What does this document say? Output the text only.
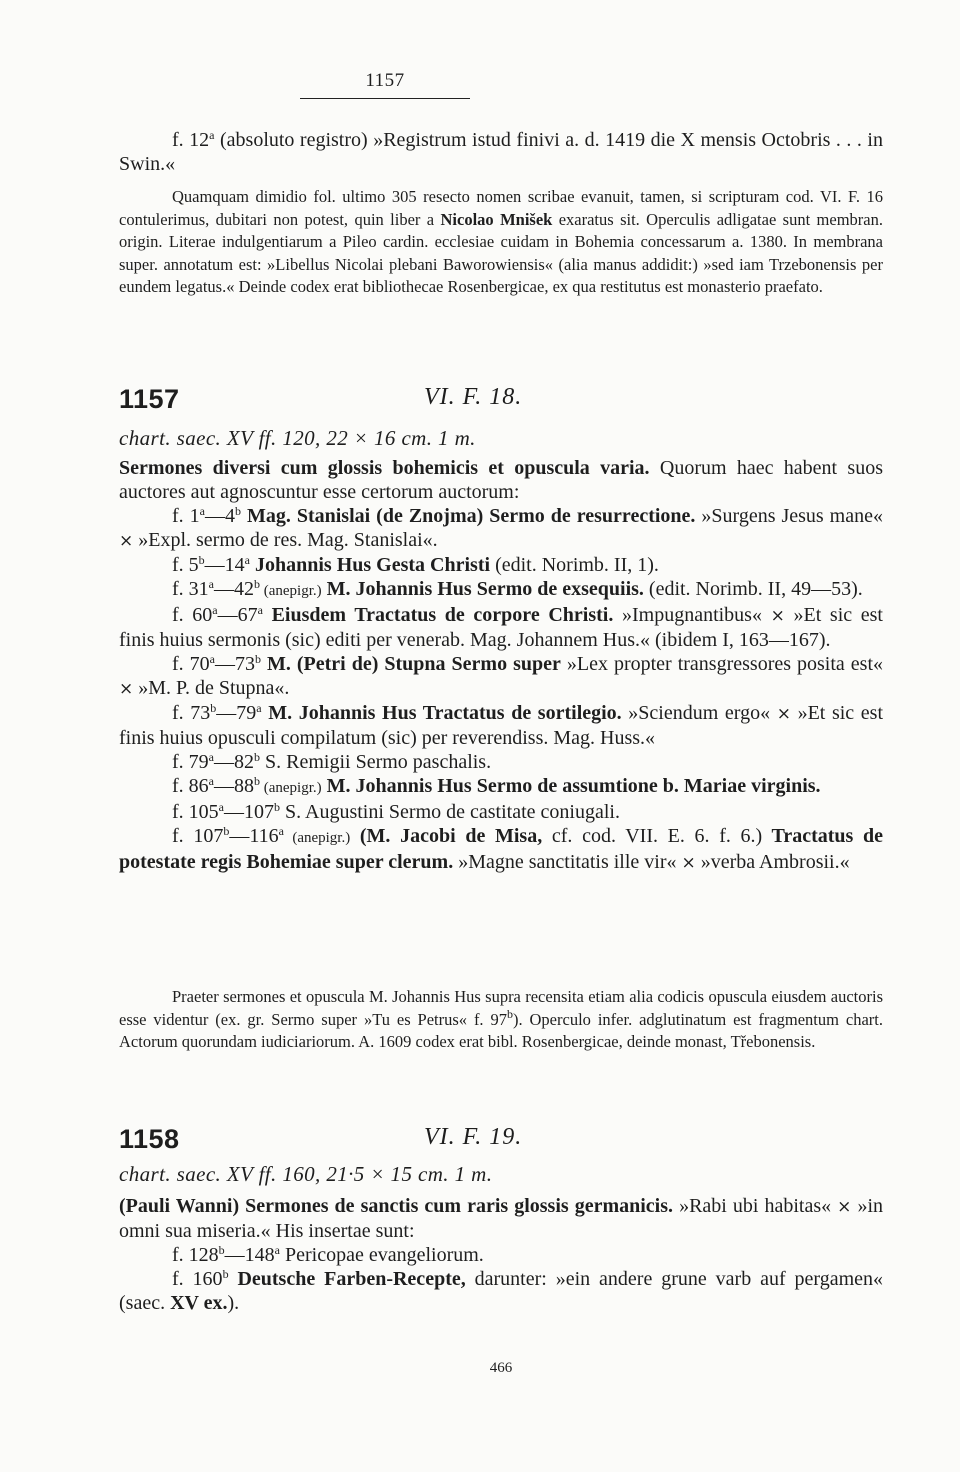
1157

f. 12$^a$ (absoluto registro) »Registrum istud finivi a. d. 1419 die X mensis Octobris . . . in Swin.«

Quamquam dimidio fol. ultimo 305 resecto nomen scribae evanuit, tamen, si scripturam cod. VI. F. 16 contulerimus, dubitari non potest, quin liber a Nicolao Mnišek exaratus sit. Operculis adligatae sunt membran. origin. Literae indulgentiarum a Pileo cardin. ecclesiae cuidam in Bohemia concessarum a. 1380. In membrana super. annotatum est: »Libellus Nicolai plebani Baworowiensis« (alia manus addidit:) »sed iam Trzebonensis per eundem legatus.« Deinde codex erat bibliothecae Rosenbergicae, ex qua restitutus est monasterio praefato.

1157	VI. F. 18.
chart. saec. XV ff. 120, 22 × 16 cm. 1 m.

Sermones diversi cum glossis bohemicis et opuscula varia. Quorum haec habent suos auctores aut agnoscuntur esse certorum auctorum:

f. 1$^a$—4$^b$ Mag. Stanislai (de Znojma) Sermo de resurrectione. »Surgens Jesus mane« × »Expl. sermo de res. Mag. Stanislai«.

f. 5$^b$—14$^a$ Johannis Hus Gesta Christi (edit. Norimb. II, 1).

f. 31$^a$—42$^b$ (anepigr.) M. Johannis Hus Sermo de exsequiis. (edit. Norimb. II, 49—53).

f. 60$^a$—67$^a$ Eiusdem Tractatus de corpore Christi. »Impugnantibus« × »Et sic est finis huius sermonis (sic) editi per venerab. Mag. Johannem Hus.« (ibidem I, 163—167).

f. 70$^a$—73$^b$ M. (Petri de) Stupna Sermo super »Lex propter transgressores posita est« × »M. P. de Stupna«.

f. 73$^b$—79$^a$ M. Johannis Hus Tractatus de sortilegio. »Sciendum ergo« × »Et sic est finis huius opusculi compilatum (sic) per reverendiss. Mag. Huss.«

f. 79$^a$—82$^b$ S. Remigii Sermo paschalis.

f. 86$^a$—88$^b$ (anepigr.) M. Johannis Hus Sermo de assumtione b. Mariae virginis.

f. 105$^a$—107$^b$ S. Augustini Sermo de castitate coniugali.

f. 107$^b$—116$^a$ (anepigr.) (M. Jacobi de Misa, cf. cod. VII. E. 6. f. 6.) Tractatus de potestate regis Bohemiae super clerum. »Magne sanctitatis ille vir« × »verba Ambrosii.«

Praeter sermones et opuscula M. Johannis Hus supra recensita etiam alia codicis opuscula eiusdem auctoris esse videntur (ex. gr. Sermo super »Tu es Petrus« f. 97$^b$). Operculo infer. adglutinatum est fragmentum chart. Actorum quorundam iudiciariorum. A. 1609 codex erat bibl. Rosenbergicae, deinde monast, Třebonensis.

1158	VI. F. 19.
chart. saec. XV ff. 160, 21·5 × 15 cm. 1 m.

(Pauli Wanni) Sermones de sanctis cum raris glossis germanicis. »Rabi ubi habitas« × »in omni sua miseria.« His insertae sunt:

f. 128$^b$—148$^a$ Pericopae evangeliorum.

f. 160$^b$ Deutsche Farben-Recepte, darunter: »ein andere grune varb auf pergamen« (saec. XV ex.).

466
